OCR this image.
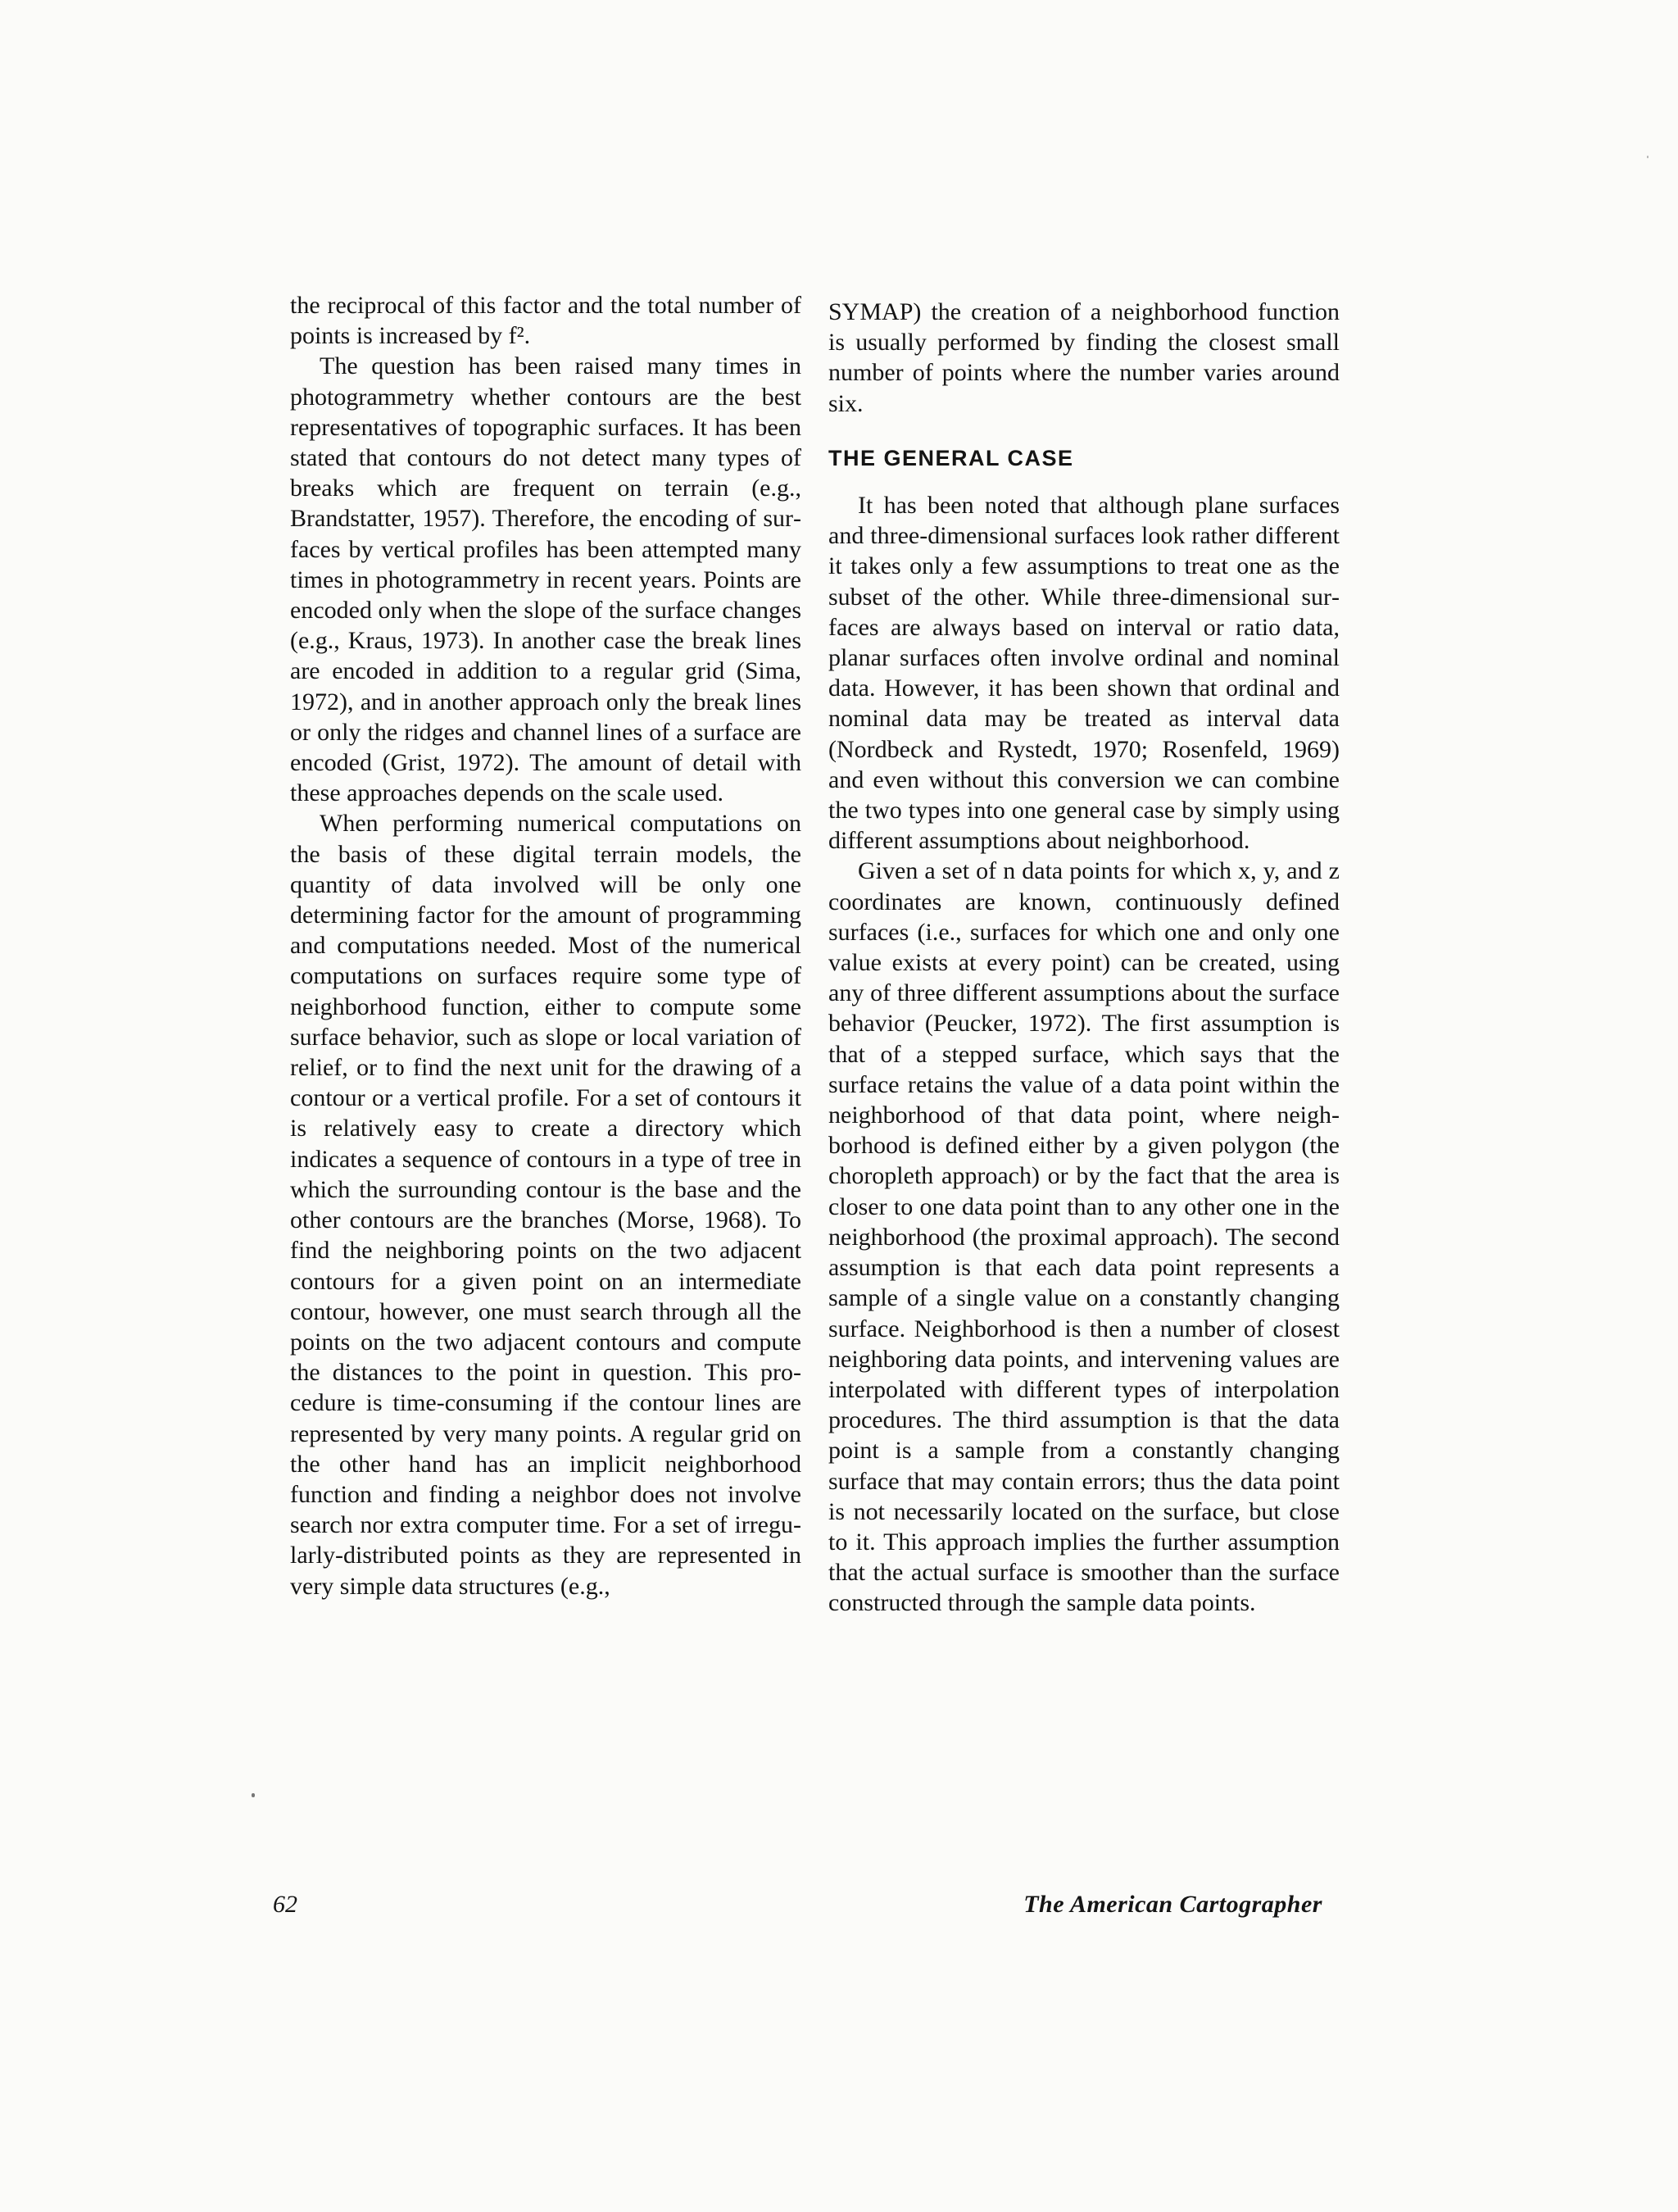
the reciprocal of this factor and the total number of points is increased by f².

The question has been raised many times in photogrammetry whether contours are the best representatives of topographic surfaces. It has been stated that contours do not detect many types of breaks which are frequent on terrain (e.g., Brandstatter, 1957). Therefore, the encoding of surfaces by vertical profiles has been attempted many times in photogrammetry in recent years. Points are encoded only when the slope of the surface changes (e.g., Kraus, 1973). In another case the break lines are encoded in addition to a regular grid (Sima, 1972), and in another approach only the break lines or only the ridges and channel lines of a surface are encoded (Grist, 1972). The amount of detail with these approaches depends on the scale used.

When performing numerical computations on the basis of these digital terrain models, the quantity of data involved will be only one determining factor for the amount of programming and computations needed. Most of the numerical computations on surfaces require some type of neighborhood function, either to compute some surface behavior, such as slope or local variation of relief, or to find the next unit for the drawing of a contour or a vertical profile. For a set of contours it is relatively easy to create a directory which indicates a sequence of contours in a type of tree in which the surrounding contour is the base and the other contours are the branches (Morse, 1968). To find the neighboring points on the two adjacent contours for a given point on an intermediate contour, however, one must search through all the points on the two adjacent contours and compute the distances to the point in question. This procedure is time-consuming if the contour lines are represented by very many points. A regular grid on the other hand has an implicit neighborhood function and finding a neighbor does not involve search nor extra computer time. For a set of irregularly-distributed points as they are represented in very simple data structures (e.g.,

SYMAP) the creation of a neighborhood function is usually performed by finding the closest small number of points where the number varies around six.

THE GENERAL CASE

It has been noted that although plane surfaces and three-dimensional surfaces look rather different it takes only a few assumptions to treat one as the subset of the other. While three-dimensional surfaces are always based on interval or ratio data, planar surfaces often involve ordinal and nominal data. However, it has been shown that ordinal and nominal data may be treated as interval data (Nordbeck and Rystedt, 1970; Rosenfeld, 1969) and even without this conversion we can combine the two types into one general case by simply using different assumptions about neighborhood.

Given a set of n data points for which x, y, and z coordinates are known, continuously defined surfaces (i.e., surfaces for which one and only one value exists at every point) can be created, using any of three different assumptions about the surface behavior (Peucker, 1972). The first assumption is that of a stepped surface, which says that the surface retains the value of a data point within the neighborhood of that data point, where neighborhood is defined either by a given polygon (the choropleth approach) or by the fact that the area is closer to one data point than to any other one in the neighborhood (the proximal approach). The second assumption is that each data point represents a sample of a single value on a constantly changing surface. Neighborhood is then a number of closest neighboring data points, and intervening values are interpolated with different types of interpolation procedures. The third assumption is that the data point is a sample from a constantly changing surface that may contain errors; thus the data point is not necessarily located on the surface, but close to it. This approach implies the further assumption that the actual surface is smoother than the surface constructed through the sample data points.

62	The American Cartographer
